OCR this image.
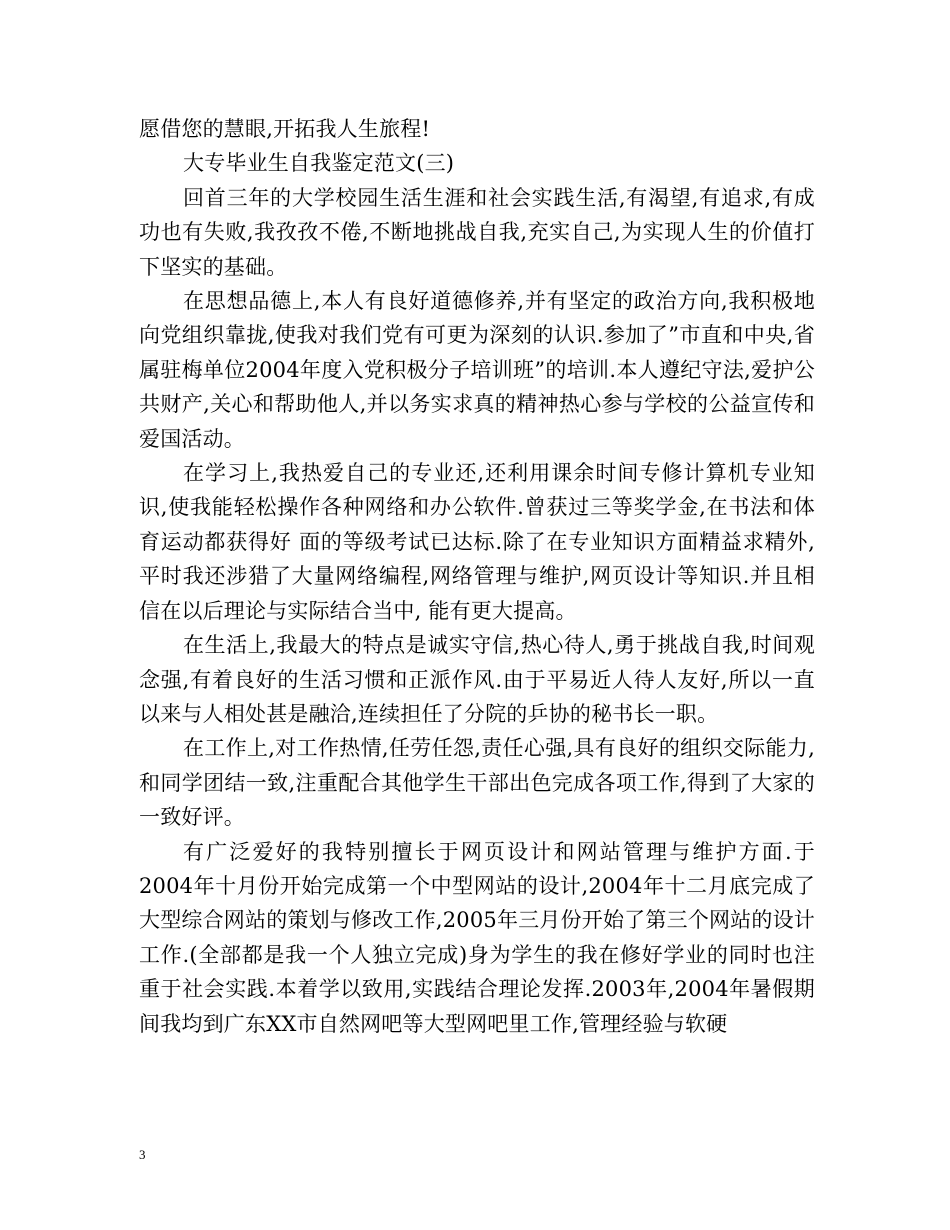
愿借您的慧眼,开拓我人生旅程!

大专毕业生自我鉴定范文(三)

回首三年的大学校园生活生涯和社会实践生活,有渴望,有追求,有成功也有失败,我孜孜不倦,不断地挑战自我,充实自己,为实现人生的价值打下坚实的基础。

在思想品德上,本人有良好道德修养,并有坚定的政治方向,我积极地向党组织靠拢,使我对我们党有可更为深刻的认识.参加了”市直和中央,省属驻梅单位2004年度入党积极分子培训班”的培训.本人遵纪守法,爱护公共财产,关心和帮助他人,并以务实求真的精神热心参与学校的公益宣传和爱国活动。

在学习上,我热爱自己的专业还,还利用课余时间专修计算机专业知识,使我能轻松操作各种网络和办公软件.曾获过三等奖学金,在书法和体育运动都获得好 面的等级考试已达标.除了在专业知识方面精益求精外,平时我还涉猎了大量网络编程,网络管理与维护,网页设计等知识.并且相信在以后理论与实际结合当中, 能有更大提高。

在生活上,我最大的特点是诚实守信,热心待人,勇于挑战自我,时间观念强,有着良好的生活习惯和正派作风.由于平易近人待人友好,所以一直以来与人相处甚是融洽,连续担任了分院的乒协的秘书长一职。

在工作上,对工作热情,任劳任怨,责任心强,具有良好的组织交际能力,和同学团结一致,注重配合其他学生干部出色完成各项工作,得到了大家的一致好评。

有广泛爱好的我特别擅长于网页设计和网站管理与维护方面.于2004年十月份开始完成第一个中型网站的设计,2004年十二月底完成了大型综合网站的策划与修改工作,2005年三月份开始了第三个网站的设计工作.(全部都是我一个人独立完成)身为学生的我在修好学业的同时也注重于社会实践.本着学以致用,实践结合理论发挥.2003年,2004年暑假期间我均到广东XX市自然网吧等大型网吧里工作,管理经验与软硬

3
